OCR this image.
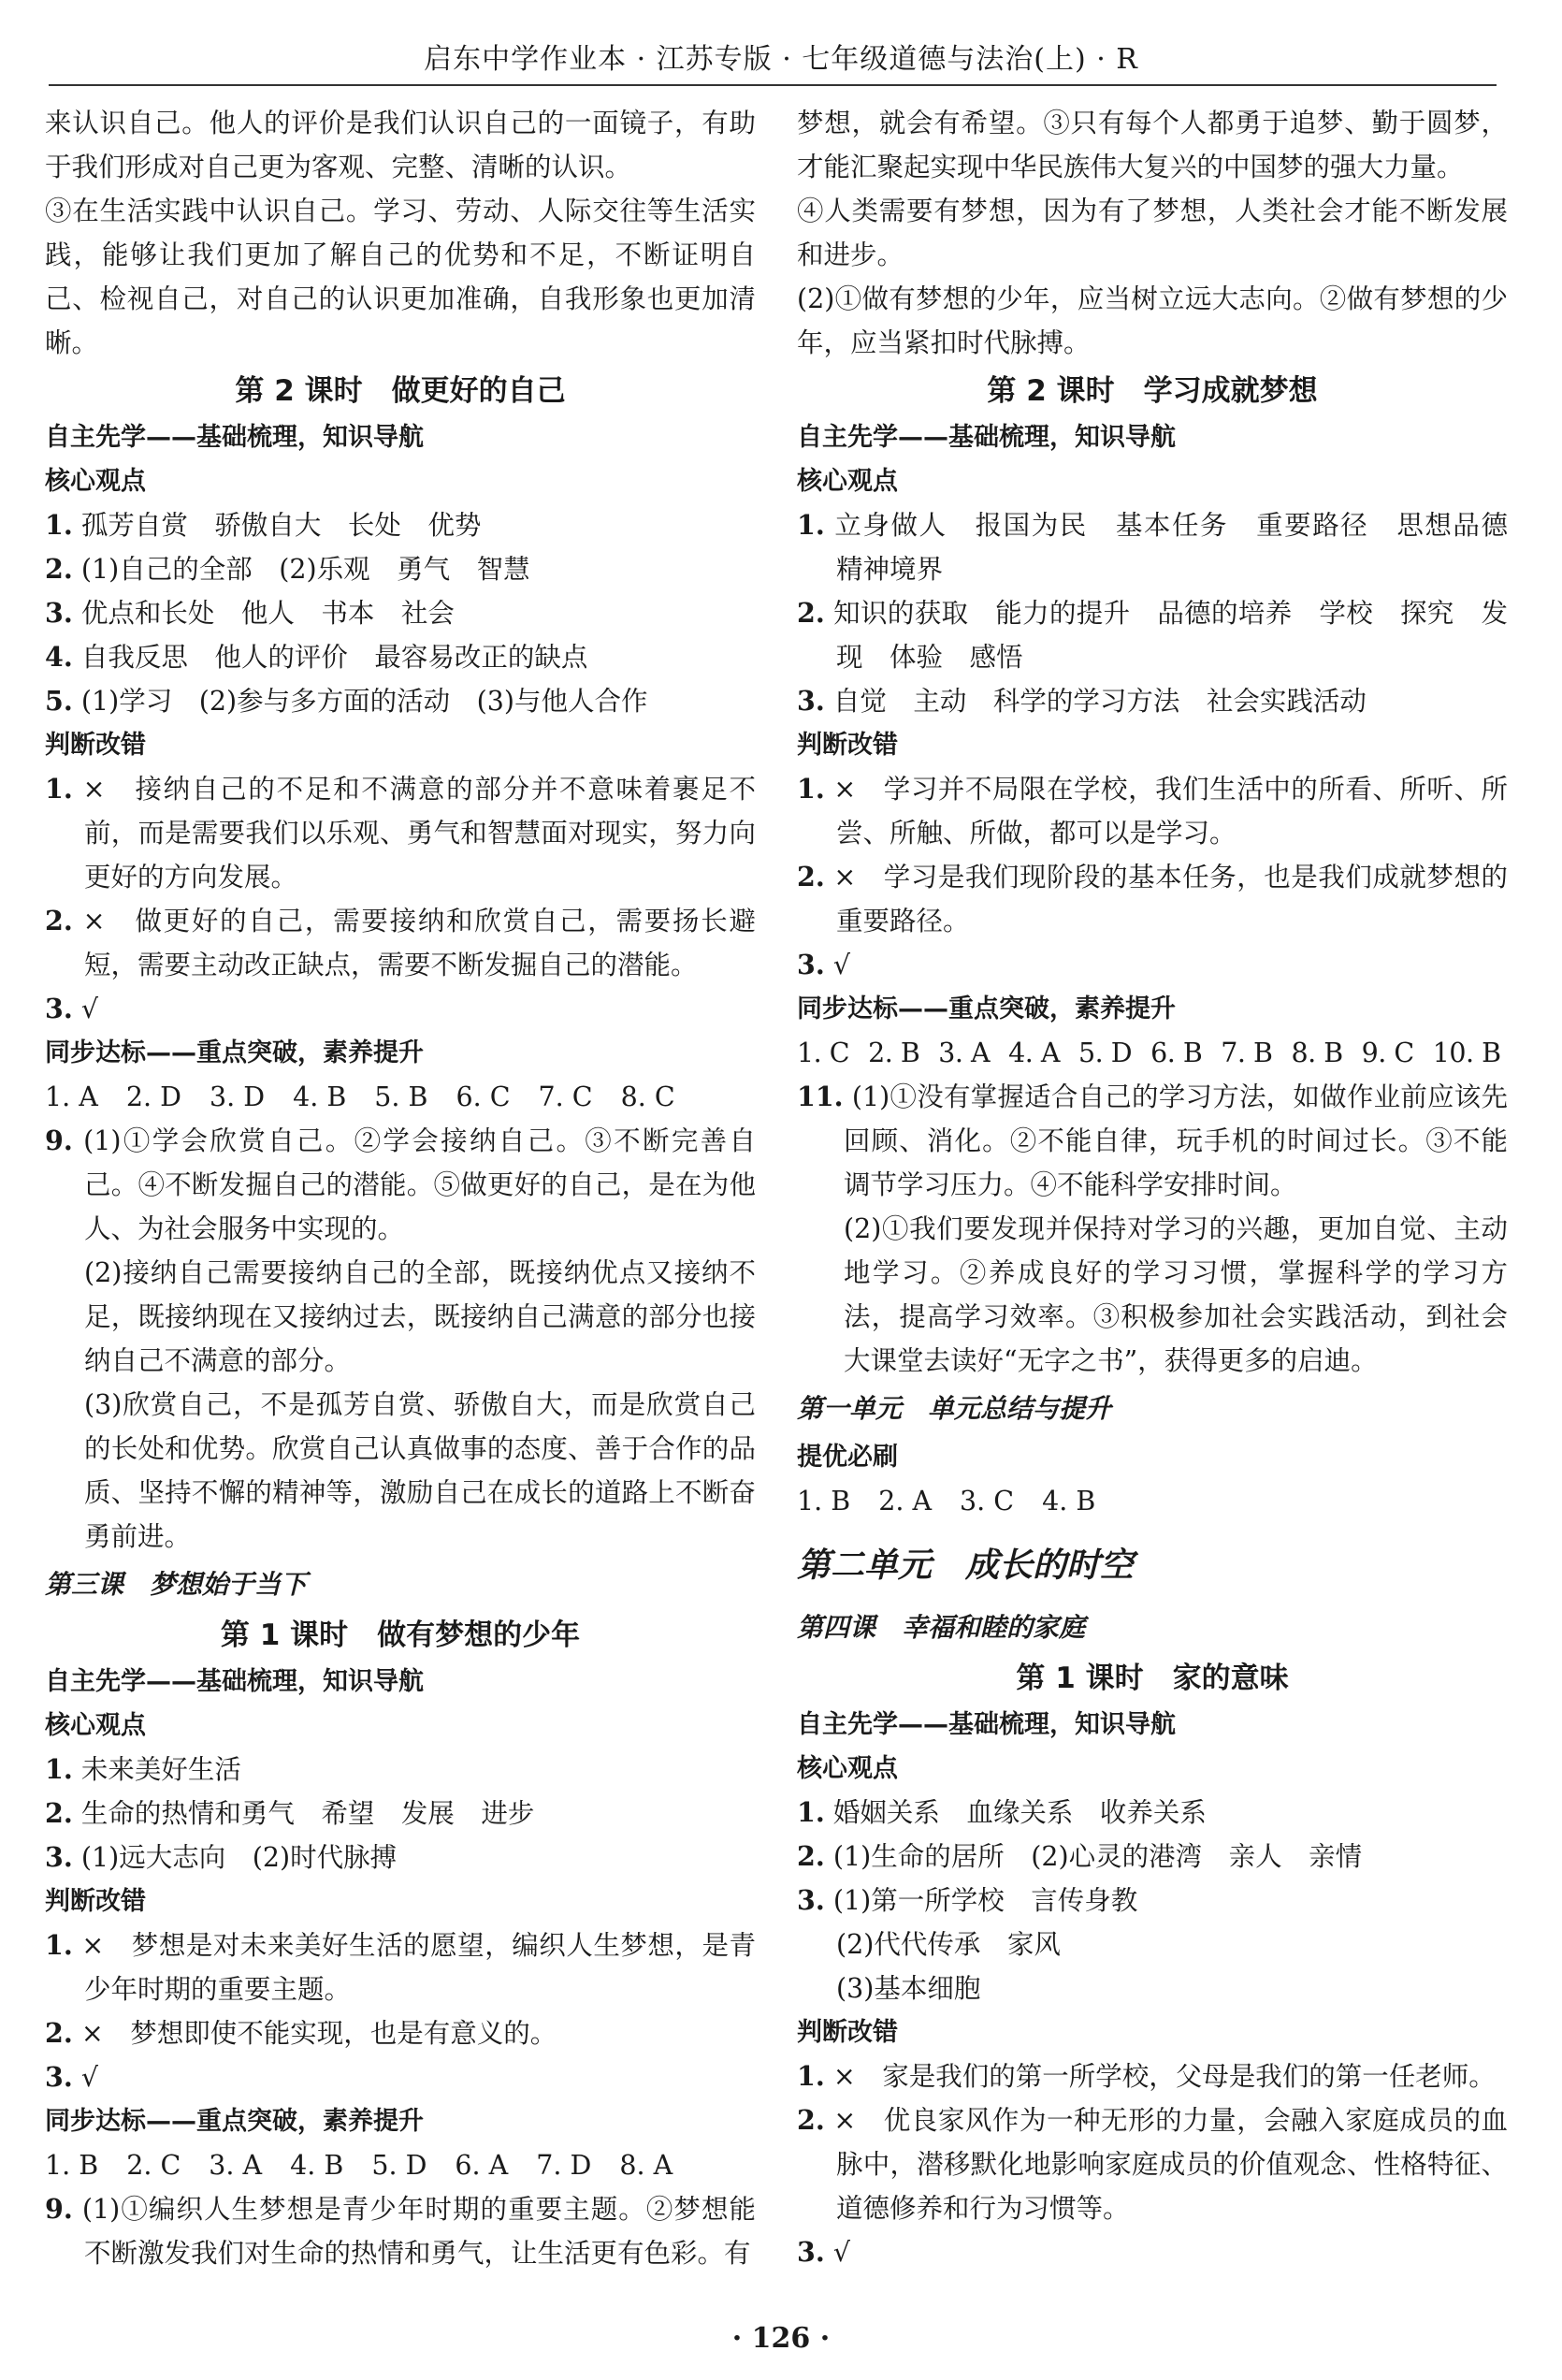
启东中学作业本 · 江苏专版 · 七年级道德与法治(上) · R

来认识自己。他人的评价是我们认识自己的一面镜子，有助于我们形成对自己更为客观、完整、清晰的认识。

③在生活实践中认识自己。学习、劳动、人际交往等生活实践，能够让我们更加了解自己的优势和不足，不断证明自己、检视自己，对自己的认识更加准确，自我形象也更加清晰。

第 2 课时　做更好的自己
自主先学——基础梳理，知识导航
核心观点

1. 孤芳自赏　骄傲自大　长处　优势

2. (1)自己的全部　(2)乐观　勇气　智慧

3. 优点和长处　他人　书本　社会

4. 自我反思　他人的评价　最容易改正的缺点

5. (1)学习　(2)参与多方面的活动　(3)与他人合作

判断改错

1. ×　接纳自己的不足和不满意的部分并不意味着裹足不前，而是需要我们以乐观、勇气和智慧面对现实，努力向更好的方向发展。

2. ×　做更好的自己，需要接纳和欣赏自己，需要扬长避短，需要主动改正缺点，需要不断发掘自己的潜能。

3. √

同步达标——重点突破，素养提升

1. A 2. D 3. D 4. B 5. B 6. C 7. C 8. C

9. (1)①学会欣赏自己。②学会接纳自己。③不断完善自己。④不断发掘自己的潜能。⑤做更好的自己，是在为他人、为社会服务中实现的。

(2)接纳自己需要接纳自己的全部，既接纳优点又接纳不足，既接纳现在又接纳过去，既接纳自己满意的部分也接纳自己不满意的部分。

(3)欣赏自己，不是孤芳自赏、骄傲自大，而是欣赏自己的长处和优势。欣赏自己认真做事的态度、善于合作的品质、坚持不懈的精神等，激励自己在成长的道路上不断奋勇前进。

第三课　梦想始于当下
第 1 课时　做有梦想的少年
自主先学——基础梳理，知识导航
核心观点

1. 未来美好生活

2. 生命的热情和勇气　希望　发展　进步

3. (1)远大志向　(2)时代脉搏

判断改错

1. ×　梦想是对未来美好生活的愿望，编织人生梦想，是青少年时期的重要主题。

2. ×　梦想即使不能实现，也是有意义的。

3. √

同步达标——重点突破，素养提升

1. B 2. C 3. A 4. B 5. D 6. A 7. D 8. A

9. (1)①编织人生梦想是青少年时期的重要主题。②梦想能不断激发我们对生命的热情和勇气，让生活更有色彩。有

梦想，就会有希望。③只有每个人都勇于追梦、勤于圆梦，才能汇聚起实现中华民族伟大复兴的中国梦的强大力量。

④人类需要有梦想，因为有了梦想，人类社会才能不断发展和进步。

(2)①做有梦想的少年，应当树立远大志向。②做有梦想的少年，应当紧扣时代脉搏。

第 2 课时　学习成就梦想
自主先学——基础梳理，知识导航
核心观点

1. 立身做人　报国为民　基本任务　重要路径　思想品德　精神境界

2. 知识的获取　能力的提升　品德的培养　学校　探究　发现　体验　感悟

3. 自觉　主动　科学的学习方法　社会实践活动

判断改错

1. ×　学习并不局限在学校，我们生活中的所看、所听、所尝、所触、所做，都可以是学习。

2. ×　学习是我们现阶段的基本任务，也是我们成就梦想的重要路径。

3. √

同步达标——重点突破，素养提升

1. C 2. B 3. A 4. A 5. D 6. B 7. B 8. B 9. C 10. B

11. (1)①没有掌握适合自己的学习方法，如做作业前应该先回顾、消化。②不能自律，玩手机的时间过长。③不能调节学习压力。④不能科学安排时间。

(2)①我们要发现并保持对学习的兴趣，更加自觉、主动地学习。②养成良好的学习习惯，掌握科学的学习方法，提高学习效率。③积极参加社会实践活动，到社会大课堂去读好“无字之书”，获得更多的启迪。

第一单元　单元总结与提升
提优必刷

1. B 2. A 3. C 4. B

第二单元　成长的时空
第四课　幸福和睦的家庭
第 1 课时　家的意味
自主先学——基础梳理，知识导航
核心观点

1. 婚姻关系　血缘关系　收养关系

2. (1)生命的居所　(2)心灵的港湾　亲人　亲情

3. (1)第一所学校　言传身教

(2)代代传承　家风

(3)基本细胞

判断改错

1. ×　家是我们的第一所学校，父母是我们的第一任老师。

2. ×　优良家风作为一种无形的力量，会融入家庭成员的血脉中，潜移默化地影响家庭成员的价值观念、性格特征、道德修养和行为习惯等。

3. √

· 126 ·
